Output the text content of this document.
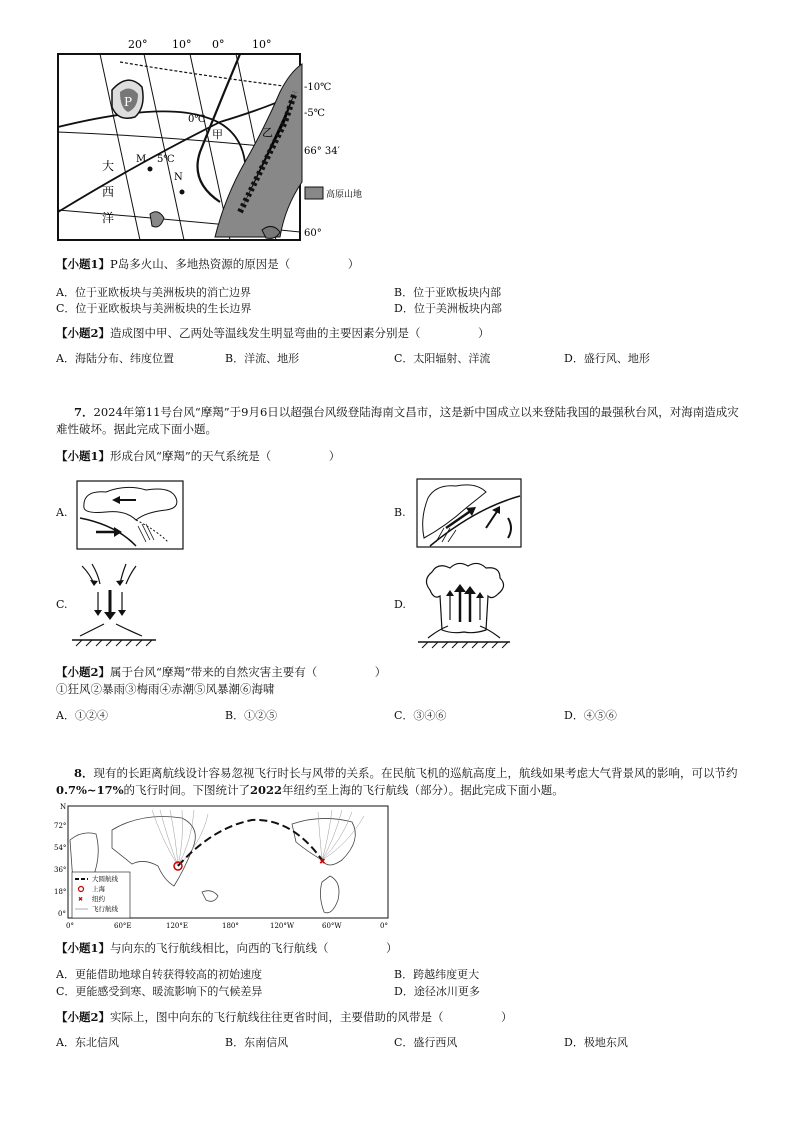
20° 10° 0°	10°
-10℃
-5℃
0℃
5℃
66° 34′
60°
P
甲	乙
M
N
大
西
洋
高原山地
【小题1】P岛多火山、多地热资源的原因是（　　　　　）
A．位于亚欧板块与美洲板块的消亡边界	B．位于亚欧板块内部
C．位于亚欧板块与美洲板块的生长边界	D．位于美洲板块内部
【小题2】造成图中甲、乙两处等温线发生明显弯曲的主要因素分别是（　　　　　）
A．海陆分布、纬度位置	B．洋流、地形	C．太阳辐射、洋流	D．盛行风、地形
7．2024年第11号台风“摩羯”于9月6日以超强台风级登陆海南文昌市，这是新中国成立以来登陆我国的最强秋台风，对海南造成灾难性破坏。据此完成下面小题。
【小题1】形成台风“摩羯”的天气系统是（　　　　　）
A.	B.
C.	D.
【小题2】属于台风“摩羯”带来的自然灾害主要有（　　　　　）
①狂风②暴雨③梅雨④赤潮⑤风暴潮⑥海啸
A．①②④	B．①②⑤	C．③④⑥	D．④⑤⑥
8．现有的长距离航线设计容易忽视飞行时长与风带的关系。在民航飞机的巡航高度上，航线如果考虑大气背景风的影响，可以节约0.7%~17%的飞行时间。下图统计了2022年纽约至上海的飞行航线（部分）。据此完成下面小题。
✖
N
72°
54°
36°
18°
0°
0°	60°E	120°E	180°	120°W	60°W	0°
✖
大圆航线
上海
纽约
飞行航线
【小题1】与向东的飞行航线相比，向西的飞行航线（　　　　　）
A．更能借助地球自转获得较高的初始速度	B．跨越纬度更大
C．更能感受到寒、暖流影响下的气候差异	D．途径冰川更多
【小题2】实际上，图中向东的飞行航线往往更省时间，主要借助的风带是（　　　　　）
A．东北信风	B．东南信风	C．盛行西风	D．极地东风
